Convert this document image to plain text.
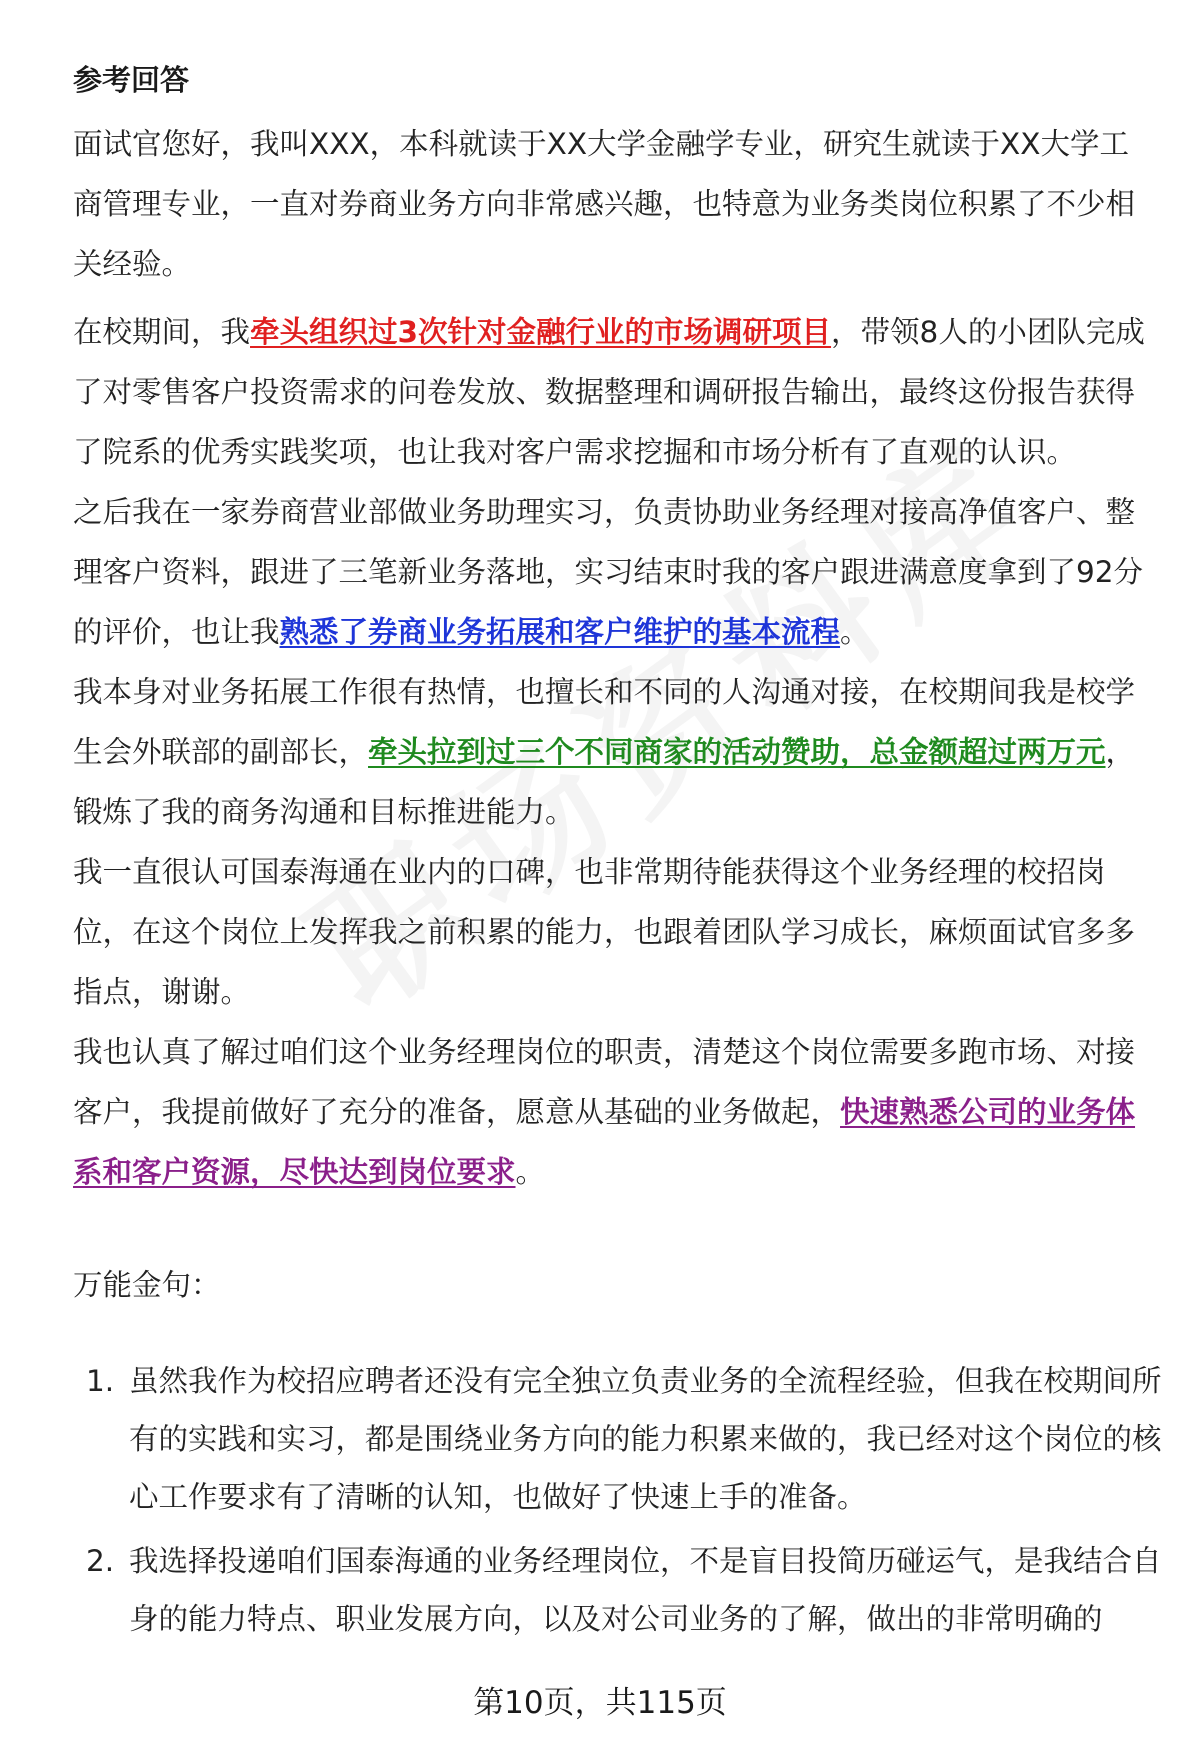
参考回答
面试官您好，我叫XXX，本科就读于XX大学金融学专业，研究生就读于XX大学工商管理专业，一直对券商业务方向非常感兴趣，也特意为业务类岗位积累了不少相关经验。
在校期间，我牵头组织过3次针对金融行业的市场调研项目，带领8人的小团队完成了对零售客户投资需求的问卷发放、数据整理和调研报告输出，最终这份报告获得了院系的优秀实践奖项，也让我对客户需求挖掘和市场分析有了直观的认识。
之后我在一家券商营业部做业务助理实习，负责协助业务经理对接高净值客户、整理客户资料，跟进了三笔新业务落地，实习结束时我的客户跟进满意度拿到了92分的评价，也让我熟悉了券商业务拓展和客户维护的基本流程。
我本身对业务拓展工作很有热情，也擅长和不同的人沟通对接，在校期间我是校学生会外联部的副部长，牵头拉到过三个不同商家的活动赞助，总金额超过两万元，锻炼了我的商务沟通和目标推进能力。
我一直很认可国泰海通在业内的口碑，也非常期待能获得这个业务经理的校招岗位，在这个岗位上发挥我之前积累的能力，也跟着团队学习成长，麻烦面试官多多指点，谢谢。
我也认真了解过咱们这个业务经理岗位的职责，清楚这个岗位需要多跑市场、对接客户，我提前做好了充分的准备，愿意从基础的业务做起，快速熟悉公司的业务体系和客户资源，尽快达到岗位要求。
万能金句：
1. 虽然我作为校招应聘者还没有完全独立负责业务的全流程经验，但我在校期间所有的实践和实习，都是围绕业务方向的能力积累来做的，我已经对这个岗位的核心工作要求有了清晰的认知，也做好了快速上手的准备。
2. 我选择投递咱们国泰海通的业务经理岗位，不是盲目投简历碰运气，是我结合自身的能力特点、职业发展方向，以及对公司业务的了解，做出的非常明确的
第10页，共115页
